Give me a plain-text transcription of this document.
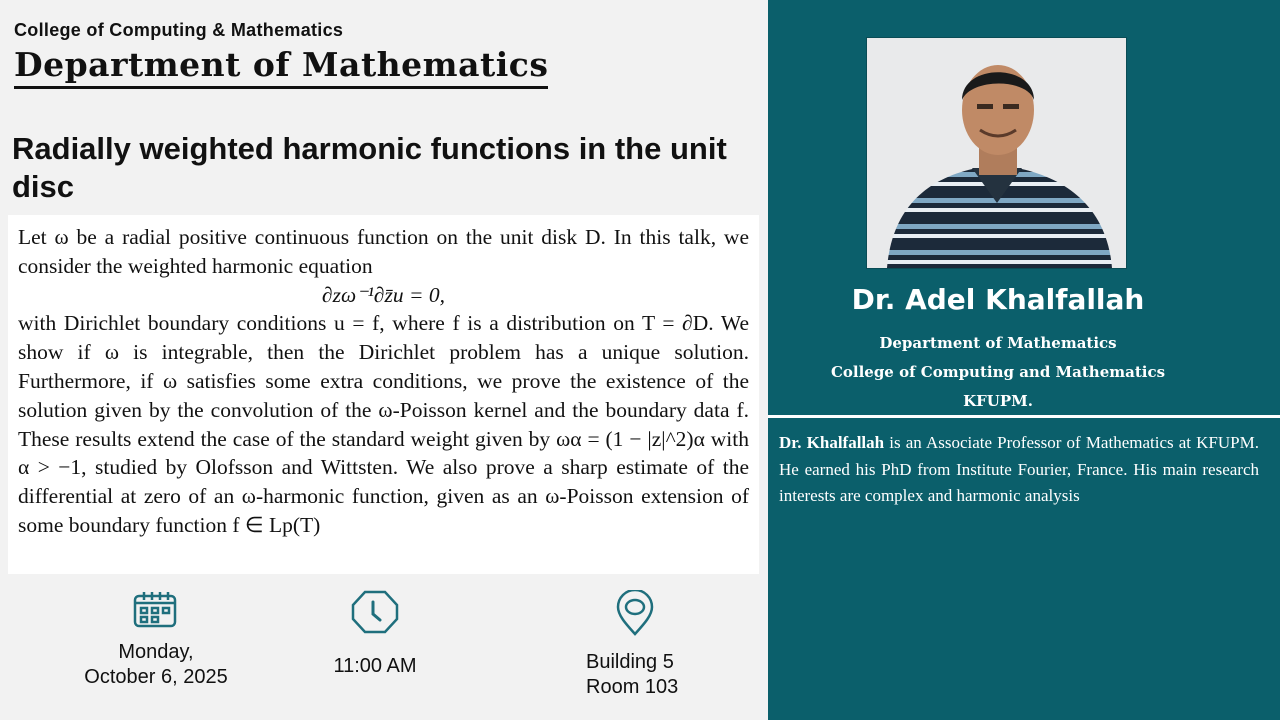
College of Computing & Mathematics
Department of Mathematics
Radially weighted harmonic functions in the unit disc

Let ω be a radial positive continuous function on the unit disk D. In this talk, we consider the weighted harmonic equation

∂zω⁻¹∂z̄u = 0,

with Dirichlet boundary conditions u = f, where f is a distribution on T = ∂D. We show if ω is integrable, then the Dirichlet problem has a unique solution. Furthermore, if ω satisfies some extra conditions, we prove the existence of the solution given by the convolution of the ω-Poisson kernel and the boundary data f. These results extend the case of the standard weight given by ωα = (1 − |z|^2)α with α > −1, studied by Olofsson and Wittsten. We also prove a sharp estimate of the differential at zero of an ω-harmonic function, given as an ω-Poisson extension of some boundary function f ∈ Lp(T)

Monday,
October 6, 2025	11:00 AM	Building 5
Room 103
Dr. Adel Khalfallah
Department of Mathematics
College of Computing and Mathematics
KFUPM.
Dr. Khalfallah is an Associate Professor of Mathematics at KFUPM. He earned his PhD from Institute Fourier, France. His main research interests are complex and harmonic analysis
